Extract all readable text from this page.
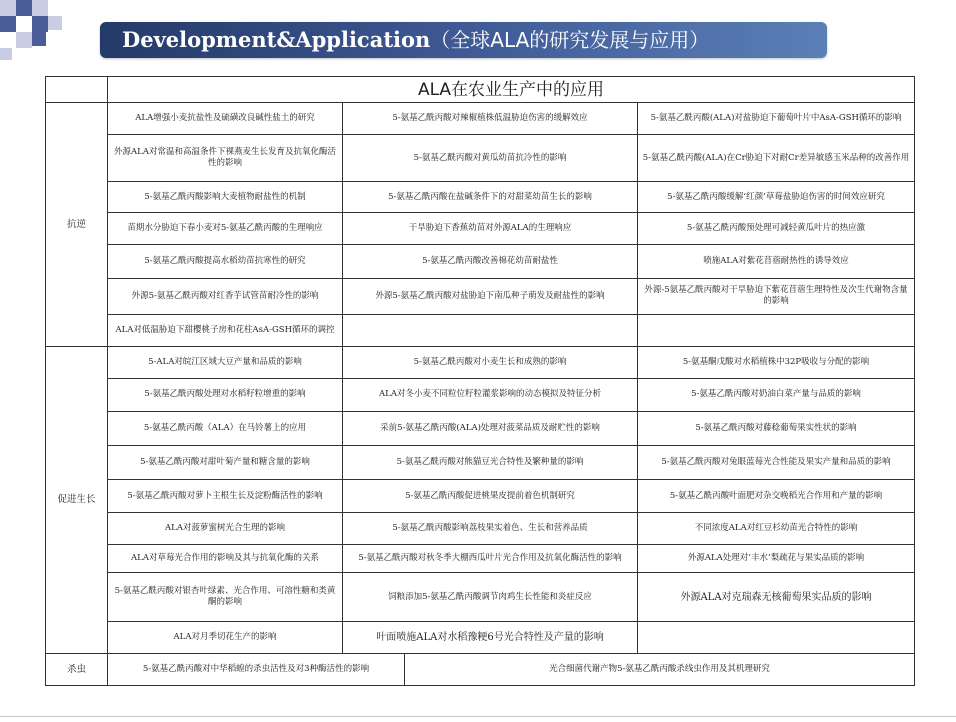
Development&Application（全球ALA的研究发展与应用）
	ALA在农业生产中的应用			
抗逆	ALA增强小麦抗盐性及硫磺改良碱性盐土的研究	5-氨基乙酰丙酸对辣椒植株低温胁迫伤害的缓解效应		5-氨基乙酰丙酸(ALA)对盐胁迫下葡萄叶片中AsA-GSH循环的影响
	外源ALA对常温和高温条件下裸燕麦生长发育及抗氧化酶活性的影响	5-氨基乙酰丙酸对黄瓜幼苗抗冷性的影响		5-氨基乙酰丙酸(ALA)在Cr胁迫下对耐Cr差异敏感玉米品种的改善作用
	5-氨基乙酰丙酸影响大麦植物耐盐性的机制	5-氨基乙酰丙酸在盐碱条件下的对甜菜幼苗生长的影响		5-氨基乙酰丙酸缓解‘红颜’草莓盐胁迫伤害的时间效应研究
	苗期水分胁迫下春小麦对5-氨基乙酰丙酸的生理响应	干旱胁迫下香蕉幼苗对外源ALA的生理响应		5-氨基乙酰丙酸预处理可减轻黄瓜叶片的热应激
	5-氨基乙酰丙酸提高水稻幼苗抗寒性的研究	5-氨基乙酰丙酸改善棉花幼苗耐盐性		喷施ALA对紫花苜蓿耐热性的诱导效应
	外源5-氨基乙酰丙酸对红香芋试管苗耐冷性的影响	外源5-氨基乙酰丙酸对盐胁迫下南瓜种子萌发及耐盐性的影响		外源-5氨基乙酰丙酸对干旱胁迫下紫花苜蓿生理特性及次生代谢物含量的影响
	ALA对低温胁迫下甜樱桃子房和花柱AsA-GSH循环的调控			
促进生长	5-ALA对皖江区域大豆产量和品质的影响	5-氨基乙酰丙酸对小麦生长和成熟的影响		5-氨基酮戊酸对水稻植株中32P吸收与分配的影响
	5-氨基乙酰丙酸处理对水稻籽粒增重的影响	ALA对冬小麦不同粒位籽粒灌浆影响的动态模拟及特征分析		5-氨基乙酰丙酸对奶油白菜产量与品质的影响
	5-氨基乙酰丙酸（ALA）在马铃薯上的应用	采前5-氨基乙酰丙酸(ALA)处理对菠菜品质及耐贮性的影响		5-氨基乙酰丙酸对藤稔葡萄果实性状的影响
	5-氨基乙酰丙酸对甜叶菊产量和糖含量的影响	5-氨基乙酰丙酸对熊猫豆光合特性及繁种量的影响		5-氨基乙酰丙酸对兔眼蓝莓光合性能及果实产量和品质的影响
	5-氨基乙酰丙酸对萝卜主根生长及淀粉酶活性的影响	5-氨基乙酰丙酸促进桃果皮提前着色机制研究		5-氨基乙酰丙酸叶面肥对杂交晚稻光合作用和产量的影响
	ALA对菠萝蜜树光合生理的影响	5-氨基乙酰丙酸影响荔枝果实着色、生长和营养品质		不同浓度ALA对红豆杉幼苗光合特性的影响
	ALA对草莓光合作用的影响及其与抗氧化酶的关系	5-氨基乙酰丙酸对秋冬季大棚西瓜叶片光合作用及抗氧化酶活性的影响		外源ALA处理对‘丰水’梨疏花与果实品质的影响
	5-氨基乙酰丙酸对银杏叶绿素、光合作用、可溶性糖和类黄酮的影响	饲粮添加5-氨基乙酰丙酸调节肉鸡生长性能和炎症反应		外源ALA对克瑞森无核葡萄果实品质的影响
	ALA对月季切花生产的影响	叶面喷施ALA对水稻豫粳6号光合特性及产量的影响		
杀虫	5-氨基乙酰丙酸对中华稻蝗的杀虫活性及对3种酶活性的影响		光合细菌代谢产物5-氨基乙酰丙酸杀线虫作用及其机理研究	
